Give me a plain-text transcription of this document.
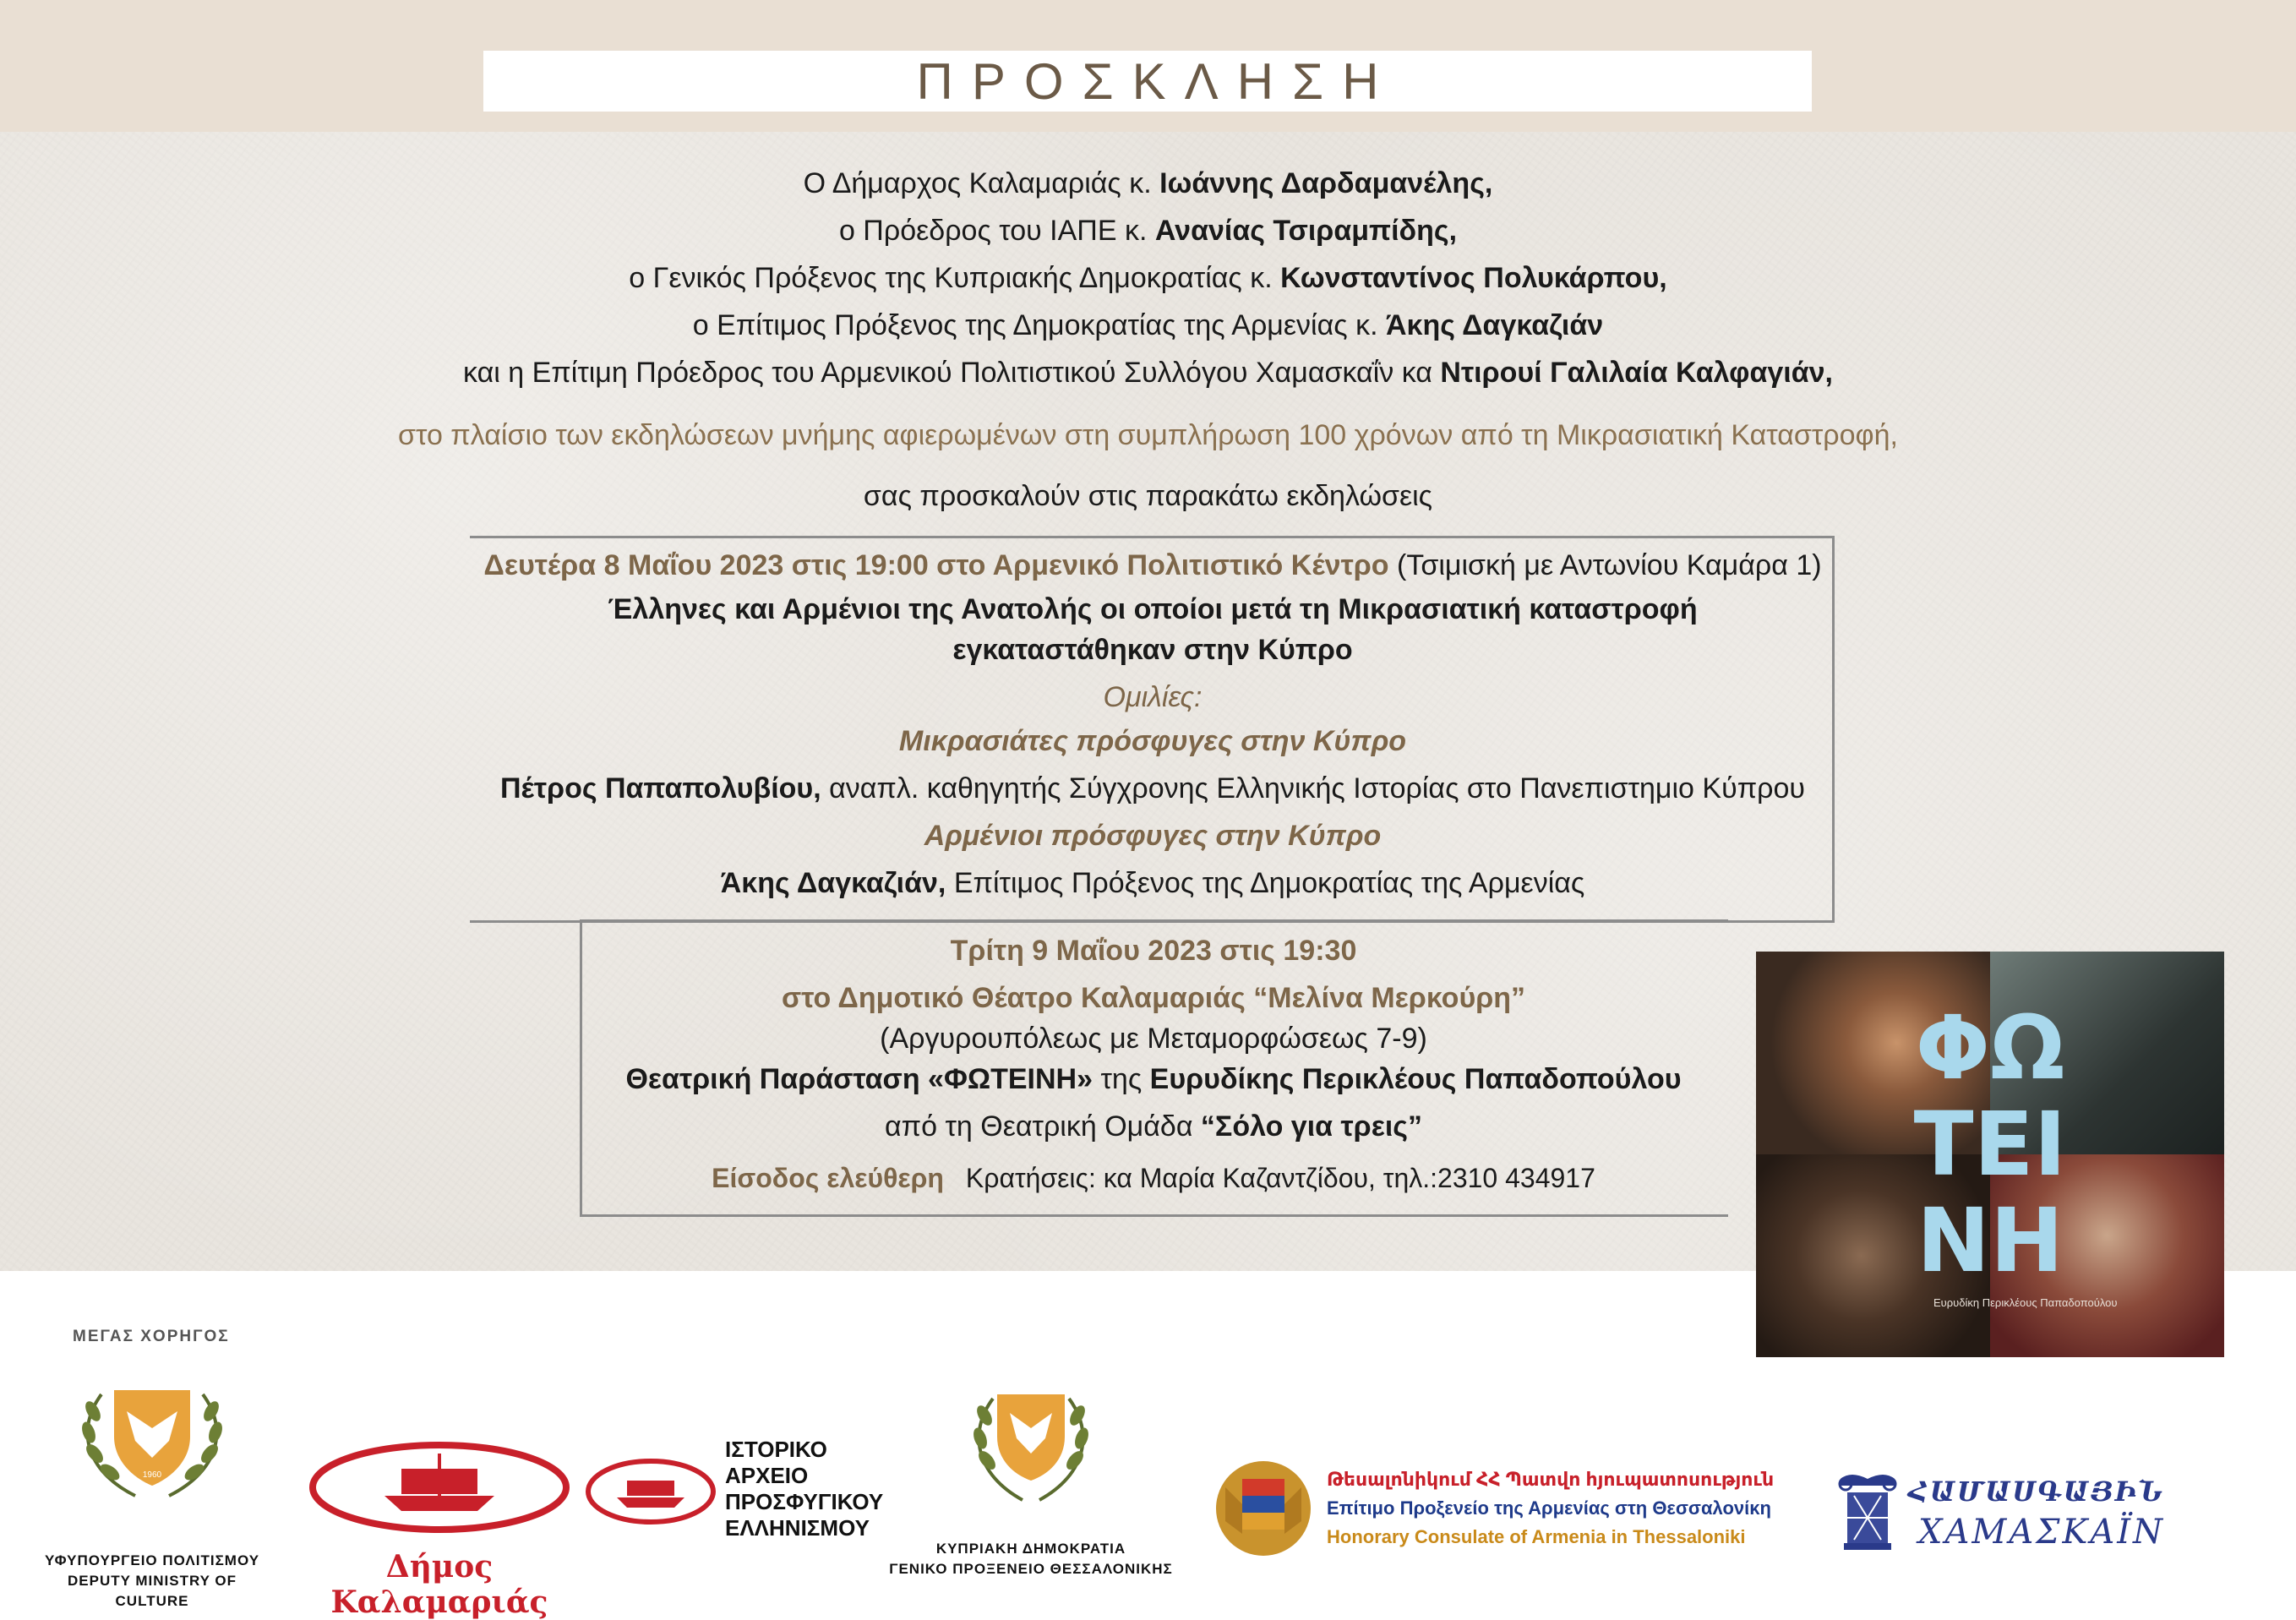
ΠΡΟΣΚΛΗΣΗ
Ο Δήμαρχος Καλαμαριάς κ. Ιωάννης Δαρδαμανέλης,
ο Πρόεδρος του ΙΑΠΕ κ. Ανανίας Τσιραμπίδης,
ο Γενικός Πρόξενος της Κυπριακής Δημοκρατίας κ. Κωνσταντίνος Πολυκάρπου,
ο Επίτιμος Πρόξενος της Δημοκρατίας της Αρμενίας κ. Άκης Δαγκαζιάν
και η Επίτιμη Πρόεδρος του Αρμενικού Πολιτιστικού Συλλόγου Χαμασκαΐν κα Ντιρουί Γαλιλαία Καλφαγιάν,
στο πλαίσιο των εκδηλώσεων μνήμης αφιερωμένων στη συμπλήρωση 100 χρόνων από τη Μικρασιατική Καταστροφή,
σας προσκαλούν στις παρακάτω εκδηλώσεις
Δευτέρα 8 Μαΐου 2023 στις 19:00 στο Αρμενικό Πολιτιστικό Κέντρο (Τσιμισκή με Αντωνίου Καμάρα 1)
Έλληνες και Αρμένιοι της Ανατολής οι οποίοι μετά τη Μικρασιατική καταστροφή
εγκαταστάθηκαν στην Κύπρο
Ομιλίες:
Μικρασιάτες πρόσφυγες στην Κύπρο
Πέτρος Παπαπολυβίου, αναπλ. καθηγητής Σύγχρονης Ελληνικής Ιστορίας στο Πανεπιστημιο Κύπρου
Αρμένιοι πρόσφυγες στην Κύπρο
Άκης Δαγκαζιάν, Επίτιμος Πρόξενος της Δημοκρατίας της Αρμενίας
Τρίτη 9 Μαΐου 2023 στις 19:30
στο Δημοτικό Θέατρο Καλαμαριάς “Μελίνα Μερκούρη”
(Αργυρουπόλεως με Μεταμορφώσεως 7-9)
Θεατρική Παράσταση «ΦΩΤΕΙΝΗ» της Ευρυδίκης Περικλέους Παπαδοπούλου
από τη Θεατρική Ομάδα “Σόλο για τρεις”
Είσοδος ελεύθερη Κρατήσεις: κα Μαρία Καζαντζίδου, τηλ.:2310 434917
ΦΩ
ΤΕΙ
ΝΗ
Ευρυδίκη Περικλέους Παπαδοπούλου
ΜΕΓΑΣ ΧΟΡΗΓΟΣ
1960
ΥΦΥΠΟΥΡΓΕΙΟ ΠΟΛΙΤΙΣΜΟΥ
DEPUTY MINISTRY OF CULTURE
Δήμος Καλαμαριάς
ΙΣΤΟΡΙΚΟ
ΑΡΧΕΙΟ
ΠΡΟΣΦΥΓΙΚΟΥ
ΕΛΛΗΝΙΣΜΟΥ
ΚΥΠΡΙΑΚΗ ΔΗΜΟΚΡΑΤΙΑ
ΓΕΝΙΚΟ ΠΡΟΞΕΝΕΙΟ ΘΕΣΣΑΛΟΝΙΚΗΣ
Թեսալոնիկում ՀՀ Պատվո հյուպատոսություն
Επίτιμο Προξενείο της Αρμενίας στη Θεσσαλονίκη
Honorary Consulate of Armenia in Thessaloniki
ՀԱՄԱՍԳԱՅԻՆ
ΧΑΜΑΣΚΑΪΝ
